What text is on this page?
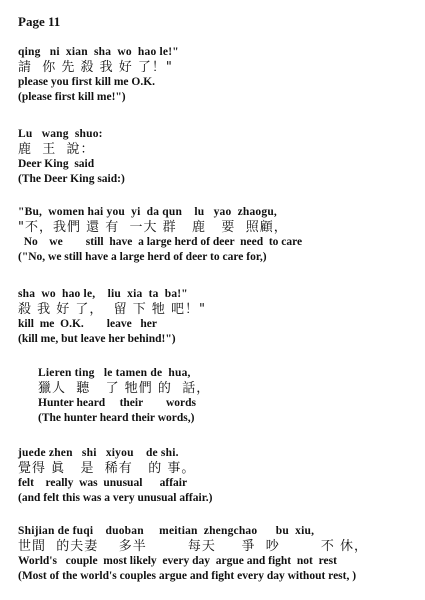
Page 11
qing   ni  xian  sha  wo  hao le!"
請  你 先 殺 我 好 了！"
please you first kill me O.K.
(please first kill me!")
Lu   wang  shuo:
鹿  王  說：
Deer King  said
(The Deer King said:)
"Bu,  women hai you  yi  da qun    lu   yao  zhaogu,
"不，我們 還 有  一大 群   鹿   要  照顧，
No    we        still  have  a large herd of deer  need  to care
("No, we still have a large herd of deer to care for,)
sha  wo  hao le,    liu  xia  ta  ba!"
殺 我 好 了，  留 下 牠 吧！"
kill  me  O.K.        leave   her
(kill me, but leave her behind!")
Lieren ting   le tamen de  hua,
獵人  聽   了 牠們 的  話，
Hunter heard     their        words
(The hunter heard their words,)
juede zhen   shi   xiyou    de shi.
覺得 眞   是  稀有   的 事。
felt    really  was  unusual      affair
(and felt this was a very unusual affair.)
Shijian de fuqi    duoban     meitian  zhengchao      bu  xiu,
世間  的夫妻    多半        每天     爭  吵        不 休，
World's   couple  most likely  every day  argue and fight  not  rest
(Most of the world's couples argue and fight every day without rest, )
